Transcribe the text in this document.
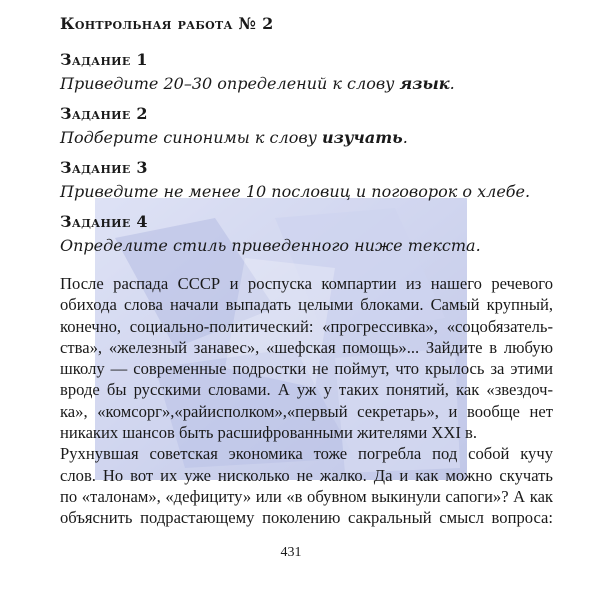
Контрольная работа № 2
Задание 1
Приведите 20–30 определений к слову язык.
Задание 2
Подберите синонимы к слову изучать.
Задание 3
Приведите не менее 10 пословиц и поговорок о хлебе.
Задание 4
Определите стиль приведенного ниже текста.
После распада СССР и роспуска компартии из нашего речевого
обихода слова начали выпадать целыми блоками. Самый крупный,
конечно, социально-политический: «прогрессивка», «соцобязатель-
ства», «железный занавес», «шефская помощь»... Зайдите в любую
школу — современные подростки не поймут, что крылось за этими
вроде бы русскими словами. А уж у таких понятий, как «звездоч-
ка», «комсорг»,«райисполком»,«первый секретарь», и вообще нет
никаких шансов быть расшифрованными жителями XXI в.
Рухнувшая советская экономика тоже погребла под собой кучу
слов. Но вот их уже нисколько не жалко. Да и как можно скучать
по «талонам», «дефициту» или «в обувном выкинули сапоги»? А как
объяснить подрастающему поколению сакральный смысл вопроса:
431
